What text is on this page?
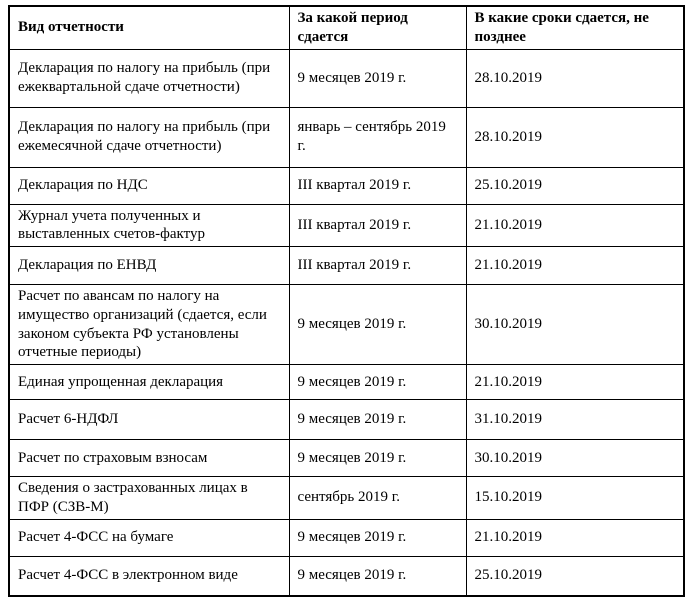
Вид отчетности	За какой период сдается	В какие сроки сдается, не позднее
Декларация по налогу на прибыль (при ежеквартальной сдаче отчетности)	9 месяцев 2019 г.	28.10.2019
Декларация по налогу на прибыль (при ежемесячной сдаче отчетности)	январь – сентябрь 2019 г.	28.10.2019
Декларация по НДС	III квартал 2019 г.	25.10.2019
Журнал учета полученных и выставленных счетов-фактур	III квартал 2019 г.	21.10.2019
Декларация по ЕНВД	III квартал 2019 г.	21.10.2019
Расчет по авансам по налогу на имущество организаций (сдается, если законом субъекта РФ установлены отчетные периоды)	9 месяцев 2019 г.	30.10.2019
Единая упрощенная декларация	9 месяцев 2019 г.	21.10.2019
Расчет 6-НДФЛ	9 месяцев 2019 г.	31.10.2019
Расчет по страховым взносам	9 месяцев 2019 г.	30.10.2019
Сведения о застрахованных лицах в ПФР (СЗВ-М)	сентябрь 2019 г.	15.10.2019
Расчет 4-ФСС на бумаге	9 месяцев 2019 г.	21.10.2019
Расчет 4-ФСС в электронном виде	9 месяцев 2019 г.	25.10.2019
